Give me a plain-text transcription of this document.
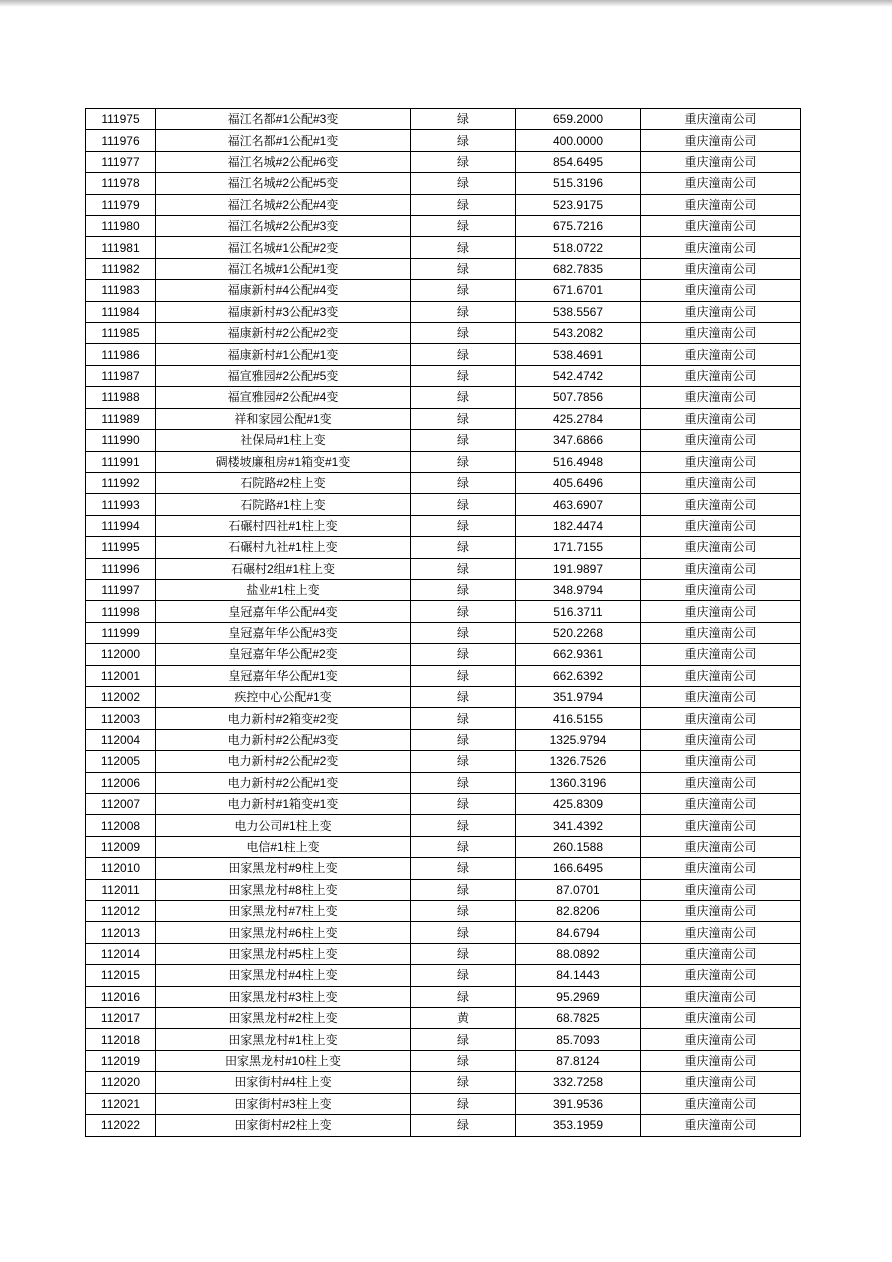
111975	福江名都#1公配#3变	绿	659.2000	重庆潼南公司
111976	福江名都#1公配#1变	绿	400.0000	重庆潼南公司
111977	福江名城#2公配#6变	绿	854.6495	重庆潼南公司
111978	福江名城#2公配#5变	绿	515.3196	重庆潼南公司
111979	福江名城#2公配#4变	绿	523.9175	重庆潼南公司
111980	福江名城#2公配#3变	绿	675.7216	重庆潼南公司
111981	福江名城#1公配#2变	绿	518.0722	重庆潼南公司
111982	福江名城#1公配#1变	绿	682.7835	重庆潼南公司
111983	福康新村#4公配#4变	绿	671.6701	重庆潼南公司
111984	福康新村#3公配#3变	绿	538.5567	重庆潼南公司
111985	福康新村#2公配#2变	绿	543.2082	重庆潼南公司
111986	福康新村#1公配#1变	绿	538.4691	重庆潼南公司
111987	福宣雅园#2公配#5变	绿	542.4742	重庆潼南公司
111988	福宣雅园#2公配#4变	绿	507.7856	重庆潼南公司
111989	祥和家园公配#1变	绿	425.2784	重庆潼南公司
111990	社保局#1柱上变	绿	347.6866	重庆潼南公司
111991	碉楼坡廉租房#1箱变#1变	绿	516.4948	重庆潼南公司
111992	石院路#2柱上变	绿	405.6496	重庆潼南公司
111993	石院路#1柱上变	绿	463.6907	重庆潼南公司
111994	石碾村四社#1柱上变	绿	182.4474	重庆潼南公司
111995	石碾村九社#1柱上变	绿	171.7155	重庆潼南公司
111996	石碾村2组#1柱上变	绿	191.9897	重庆潼南公司
111997	盐业#1柱上变	绿	348.9794	重庆潼南公司
111998	皇冠嘉年华公配#4变	绿	516.3711	重庆潼南公司
111999	皇冠嘉年华公配#3变	绿	520.2268	重庆潼南公司
112000	皇冠嘉年华公配#2变	绿	662.9361	重庆潼南公司
112001	皇冠嘉年华公配#1变	绿	662.6392	重庆潼南公司
112002	疾控中心公配#1变	绿	351.9794	重庆潼南公司
112003	电力新村#2箱变#2变	绿	416.5155	重庆潼南公司
112004	电力新村#2公配#3变	绿	1325.9794	重庆潼南公司
112005	电力新村#2公配#2变	绿	1326.7526	重庆潼南公司
112006	电力新村#2公配#1变	绿	1360.3196	重庆潼南公司
112007	电力新村#1箱变#1变	绿	425.8309	重庆潼南公司
112008	电力公司#1柱上变	绿	341.4392	重庆潼南公司
112009	电信#1柱上变	绿	260.1588	重庆潼南公司
112010	田家黑龙村#9柱上变	绿	166.6495	重庆潼南公司
112011	田家黑龙村#8柱上变	绿	87.0701	重庆潼南公司
112012	田家黑龙村#7柱上变	绿	82.8206	重庆潼南公司
112013	田家黑龙村#6柱上变	绿	84.6794	重庆潼南公司
112014	田家黑龙村#5柱上变	绿	88.0892	重庆潼南公司
112015	田家黑龙村#4柱上变	绿	84.1443	重庆潼南公司
112016	田家黑龙村#3柱上变	绿	95.2969	重庆潼南公司
112017	田家黑龙村#2柱上变	黄	68.7825	重庆潼南公司
112018	田家黑龙村#1柱上变	绿	85.7093	重庆潼南公司
112019	田家黑龙村#10柱上变	绿	87.8124	重庆潼南公司
112020	田家街村#4柱上变	绿	332.7258	重庆潼南公司
112021	田家街村#3柱上变	绿	391.9536	重庆潼南公司
112022	田家街村#2柱上变	绿	353.1959	重庆潼南公司
